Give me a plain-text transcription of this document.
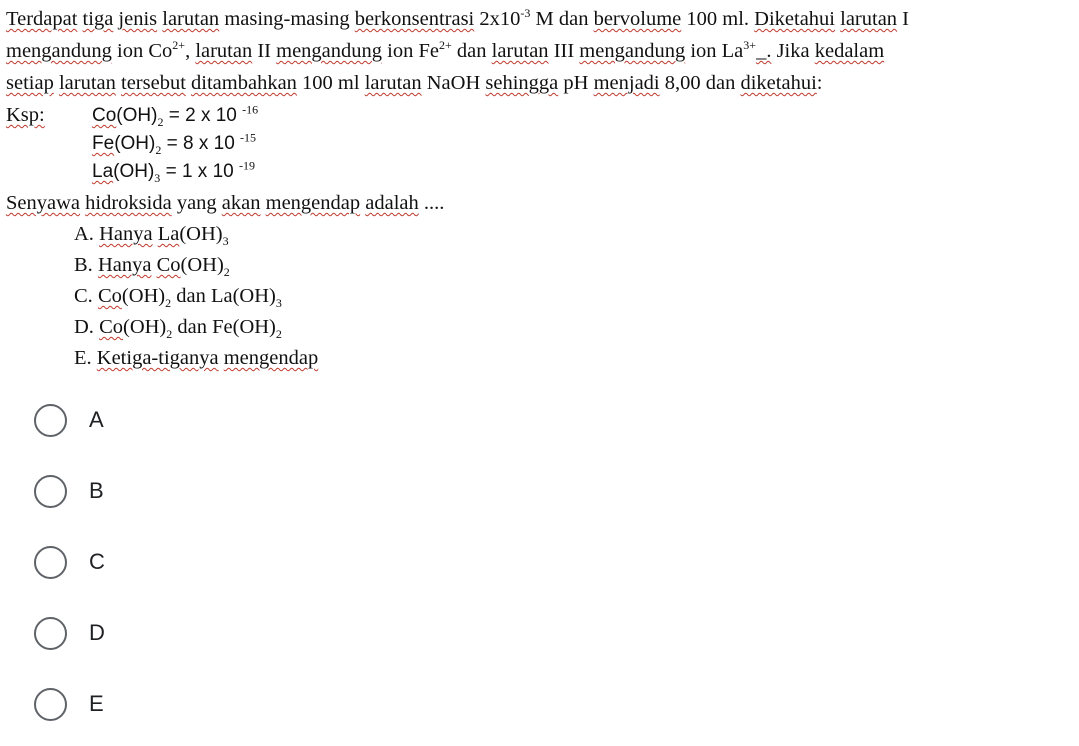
Terdapat tiga jenis larutan masing-masing berkonsentrasi $2x10^{-3}$ M dan bervolume 100 ml. Diketahui larutan I
mengandung ion $Co^{2+}$, larutan II mengandung ion $Fe^{2+}$ dan larutan III mengandung ion $La^{3+}\_$. Jika kedalam
setiap larutan tersebut ditambahkan 100 ml larutan NaOH sehingga pH menjadi 8,00 dan diketahui:
Ksp: $Co(OH)_2 = 2$ x 10 $^{-16}$
$Fe(OH)_2 = 8$ x 10 $^{-15}$
$La(OH)_3 = 1$ x 10 $^{-19}$
Senyawa hidroksida yang akan mengendap adalah ....
A. Hanya $La(OH)_3$
B. Hanya $Co(OH)_2$
C. $Co(OH)_2$ dan $La(OH)_3$
D. $Co(OH)_2$ dan $Fe(OH)_2$
E. Ketiga-tiganya mengendap
A
B
C
D
E
